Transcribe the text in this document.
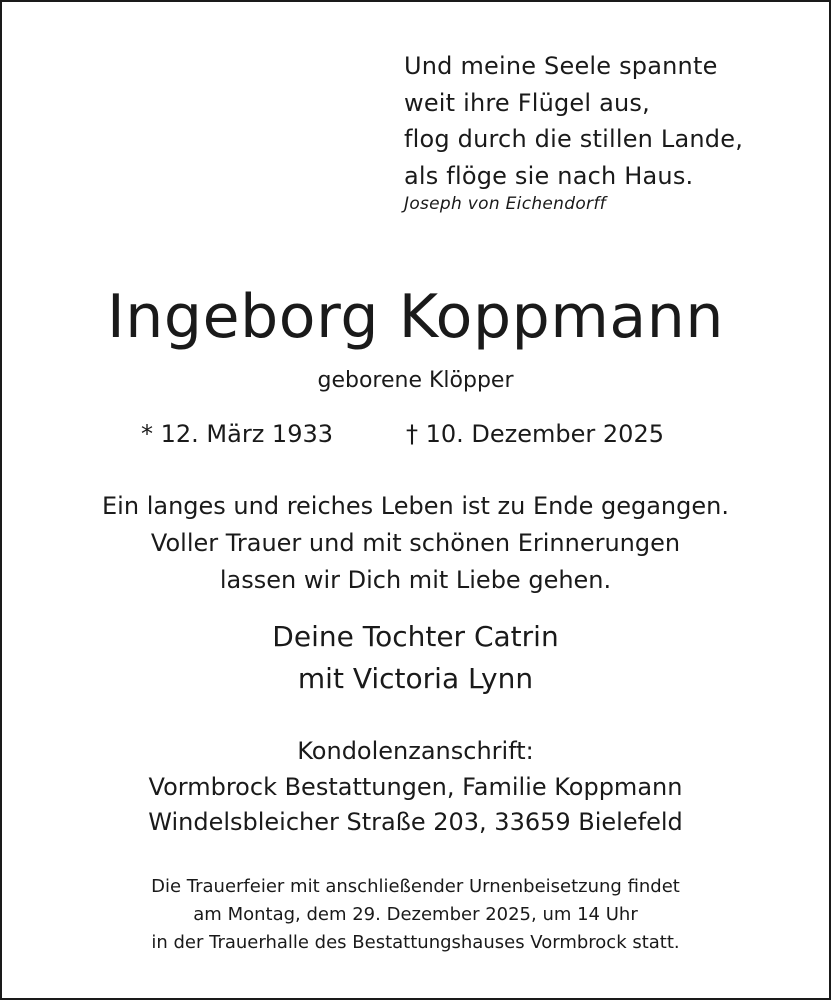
Und meine Seele spannte
weit ihre Flügel aus,
flog durch die stillen Lande,
als flöge sie nach Haus.
Joseph von Eichendorff
Ingeborg Koppmann
geborene Klöpper
* 12. März 1933	† 10. Dezember 2025
Ein langes und reiches Leben ist zu Ende gegangen.
Voller Trauer und mit schönen Erinnerungen
lassen wir Dich mit Liebe gehen.
Deine Tochter Catrin
mit Victoria Lynn
Kondolenzanschrift:
Vormbrock Bestattungen, Familie Koppmann
Windelsbleicher Straße 203, 33659 Bielefeld
Die Trauerfeier mit anschließender Urnenbeisetzung findet
am Montag, dem 29. Dezember 2025, um 14 Uhr
in der Trauerhalle des Bestattungshauses Vormbrock statt.
